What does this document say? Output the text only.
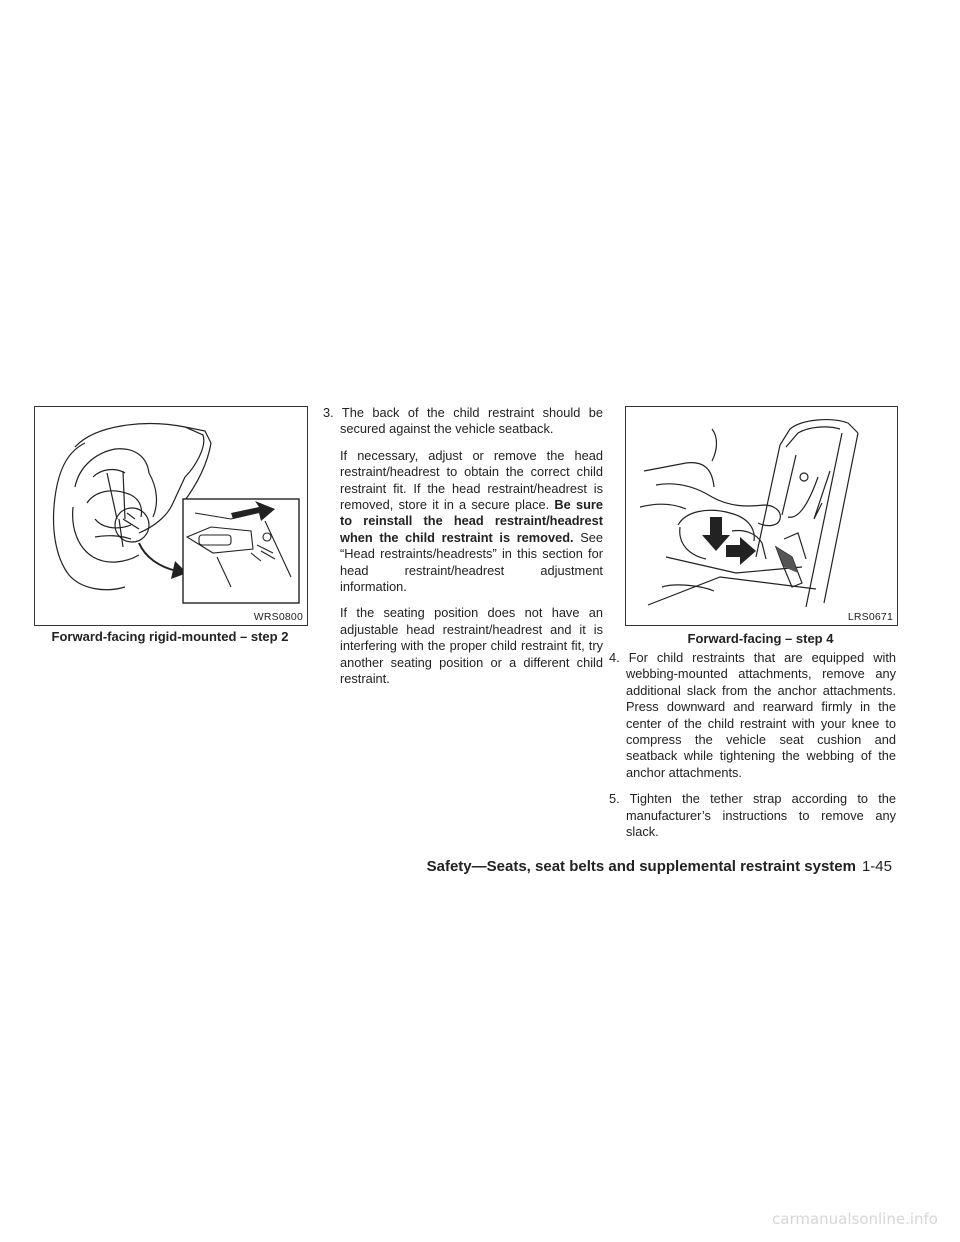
WRS0800
Forward-facing rigid-mounted – step 2
LRS0671
Forward-facing – step 4
3. The back of the child restraint should be secured against the vehicle seatback.
If necessary, adjust or remove the head restraint/headrest to obtain the correct child restraint fit. If the head restraint/headrest is removed, store it in a secure place. Be sure to reinstall the head restraint/headrest when the child restraint is removed. See “Head restraints/headrests” in this section for head restraint/headrest adjustment information.
If the seating position does not have an adjustable head restraint/headrest and it is interfering with the proper child restraint fit, try another seating position or a different child restraint.
4. For child restraints that are equipped with webbing-mounted attachments, remove any additional slack from the anchor attachments. Press downward and rearward firmly in the center of the child restraint with your knee to compress the vehicle seat cushion and seatback while tightening the webbing of the anchor attachments.
5. Tighten the tether strap according to the manufacturer’s instructions to remove any slack.
Safety—Seats, seat belts and supplemental restraint system 1-45
carmanualsonline.info
